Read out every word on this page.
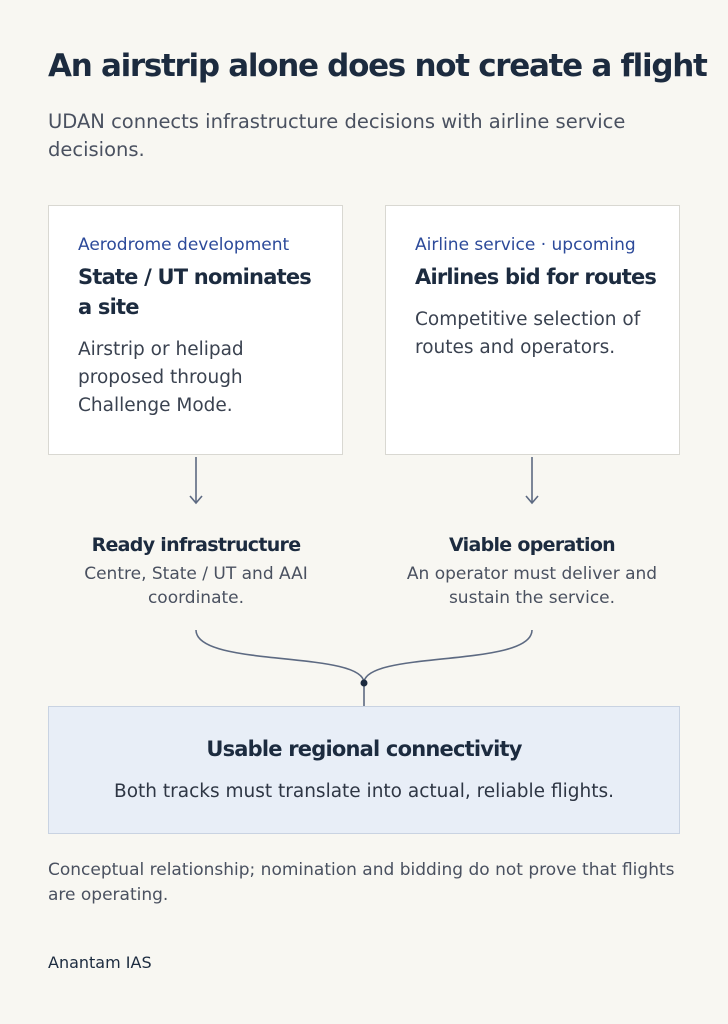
An airstrip alone does not create a flight

UDAN connects infrastructure decisions with airline service decisions.

Aerodrome development
State / UT nominates a site
Airstrip or helipad proposed through Challenge Mode.
Airline service · upcoming
Airlines bid for routes
Competitive selection of routes and operators.
Ready infrastructure
Centre, State / UT and AAI coordinate.
Viable operation
An operator must deliver and sustain the service.
Usable regional connectivity
Both tracks must translate into actual, reliable flights.
Conceptual relationship; nomination and bidding do not prove that flights are operating.
Anantam IAS
